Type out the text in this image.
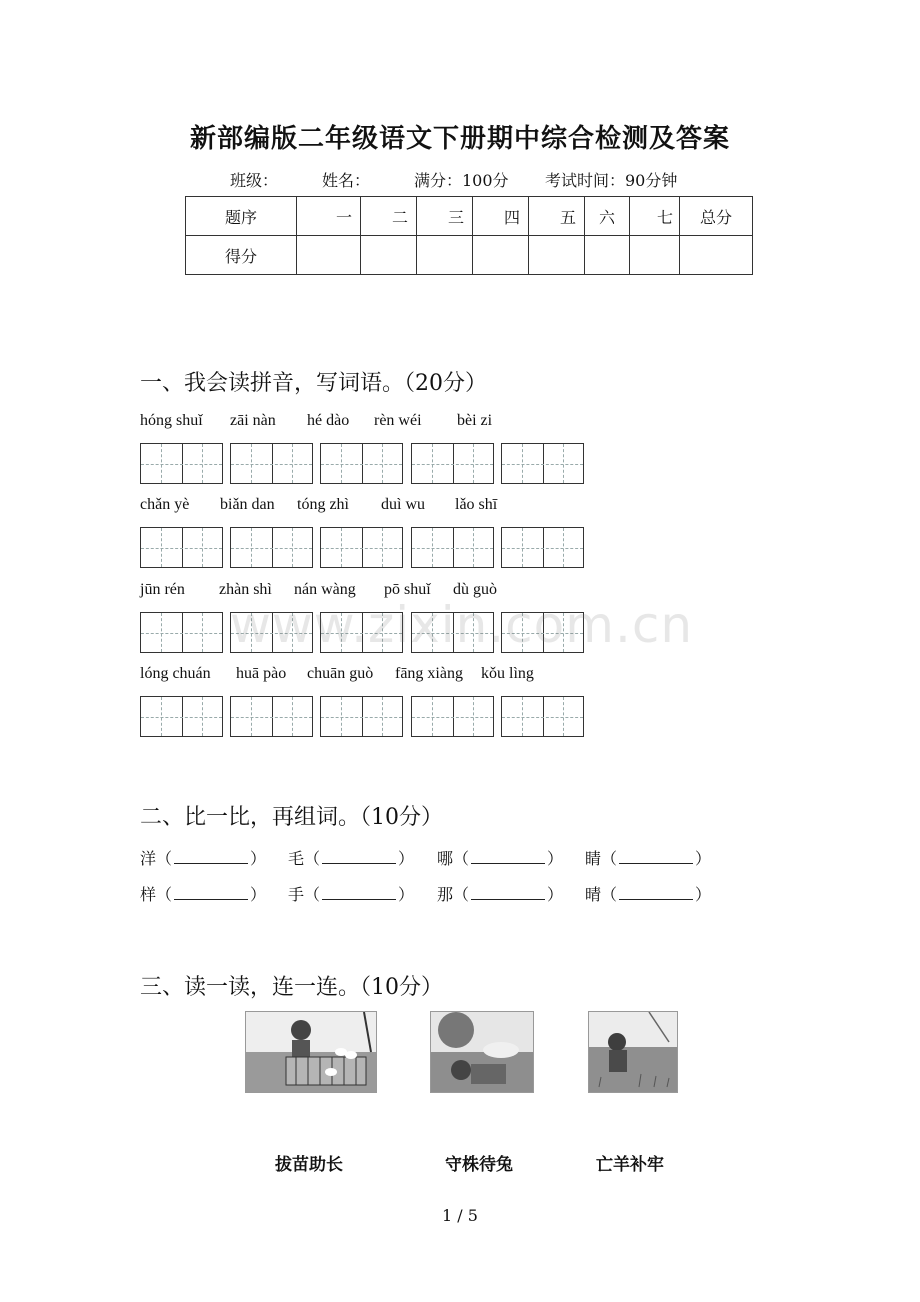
新部编版二年级语文下册期中综合检测及答案
班级：	姓名：	满分：100分 考试时间：90分钟
题序	一	二	三	四	五	六	七	总分
得分								
一、我会读拼音，写词语。（20分）
hóng shuǐ zāi nàn hé dào rèn wéi bèi zi
chǎn yè biǎn dan tóng zhì duì wu lǎo shī
jūn rén zhàn shì nán wàng pō shuǐ dù guò
lóng chuán huā pào chuān guò fāng xiàng kǒu lìng
二、比一比，再组词。（10分）
洋（	） 毛（	） 哪（	） 睛（	）
样（	） 手（	） 那（	） 晴（	）
www.zixin.com.cn
三、读一读，连一连。（10分）
拔苗助长	守株待兔	亡羊补牢
1 / 5
